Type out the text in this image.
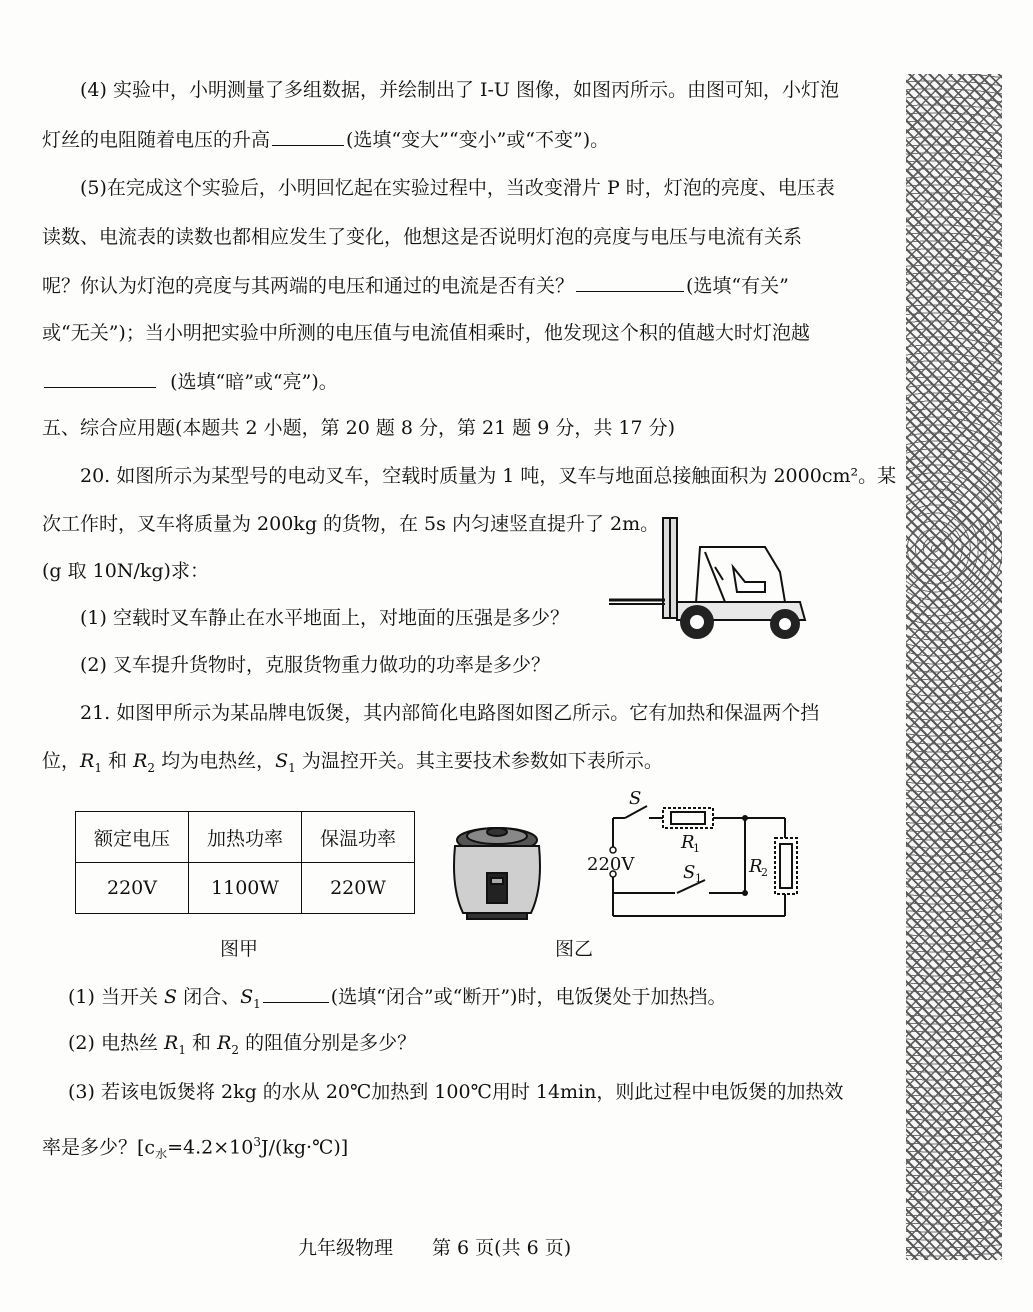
(4) 实验中，小明测量了多组数据，并绘制出了 I-U 图像，如图丙所示。由图可知，小灯泡
灯丝的电阻随着电压的升高	(选填“变大”“变小”或“不变”)。
(5)在完成这个实验后，小明回忆起在实验过程中，当改变滑片 P 时，灯泡的亮度、电压表
读数、电流表的读数也都相应发生了变化，他想这是否说明灯泡的亮度与电压与电流有关系
呢？你认为灯泡的亮度与其两端的电压和通过的电流是否有关？	(选填“有关”
或“无关”)；当小明把实验中所测的电压值与电流值相乘时，他发现这个积的值越大时灯泡越
(选填“暗”或“亮”)。
五、综合应用题(本题共 2 小题，第 20 题 8 分，第 21 题 9 分，共 17 分)
20. 如图所示为某型号的电动叉车，空载时质量为 1 吨，叉车与地面总接触面积为 2000cm²。某
次工作时，叉车将质量为 200kg 的货物，在 5s 内匀速竖直提升了 2m。
(g 取 10N/kg)求：
(1) 空载时叉车静止在水平地面上，对地面的压强是多少？
(2) 叉车提升货物时，克服货物重力做功的功率是多少？
21. 如图甲所示为某品牌电饭煲，其内部简化电路图如图乙所示。它有加热和保温两个挡
位，$R_1$ 和 $R_2$ 均为电热丝，$S_1$ 为温控开关。其主要技术参数如下表所示。
额定电压	加热功率	保温功率
220V	1100W	220W
S
R
1
220V	S 1
R
2
图甲	图乙
(1) 当开关 S 闭合、$S_1$	(选填“闭合”或“断开”)时，电饭煲处于加热挡。
(2) 电热丝 $R_1$ 和 $R_2$ 的阻值分别是多少？
(3) 若该电饭煲将 2kg 的水从 20℃加热到 100℃用时 14min，则此过程中电饭煲的加热效
率是多少？$[c_水=4.2\times 10^3J/(kg\cdot℃)]$
九年级物理 第 6 页(共 6 页)
